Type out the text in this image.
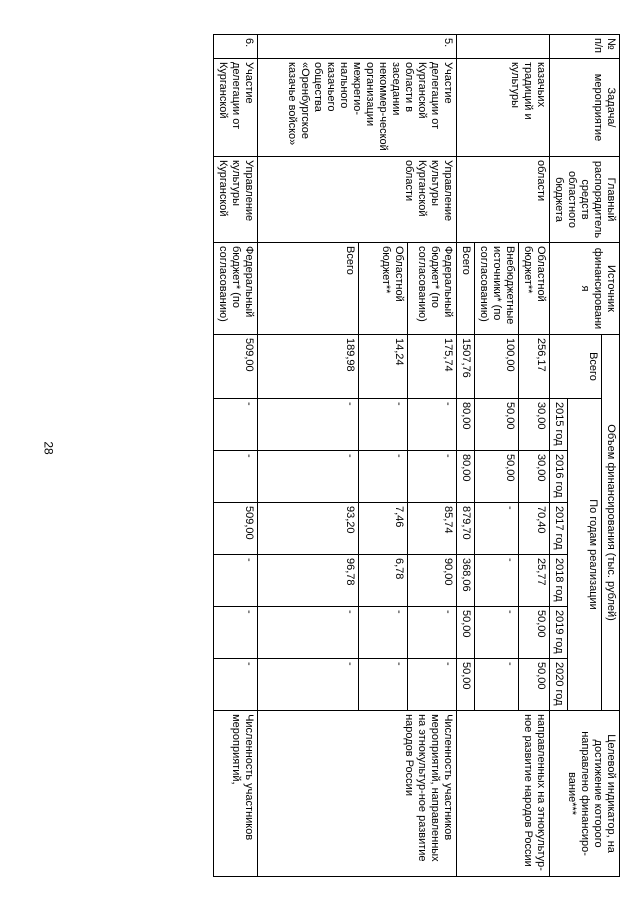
28
№ п/п	Задача/ мероприятие	Главный распорядитель средств областного бюджета	Источник финансирования	Объем финансирования (тыс. рублей)							Целевой индикатор, на достижение которого направлено финансиро-вание***
				Всего	По годам реализации						
					2015 год	2016 год	2017 год	2018 год	2019 год	2020 год	
	казачьих традиций и культуры	области	Областной бюджет**	256,17	30,00	30,00	70,40	25,77	50,00	50,00	направленных на этнокультур-ное развитие народов России
			Внебюджетные источники* (по согласованию)	100,00	50,00	50,00	-	-	-	-	
			Всего	1507,76	80,00	80,00	879,70	368,06	50,00	50,00	
5.	Участие делегации от Курганской области в заседании некоммер-ческой организации межрегио-нального казачьего общества «Оренбургское казачье войско»	Управление культуры Курганской области	Федеральный бюджет* (по согласованию)	175,74	-	-	85,74	90,00	-	-	Численность участников мероприятий, направленных на этнокультур-ное развитие народов России
			Областной бюджет**	14,24	-	-	7,46	6,78	-	-	
			Всего	189,98	-	-	93,20	96,78	-	-	
6.	Участие делегации от Курганской	Управление культуры Курганской	Федеральный бюджет* (по согласованию)	509,00	-	-	509,00	-	-	-	Численность участников мероприятий,
